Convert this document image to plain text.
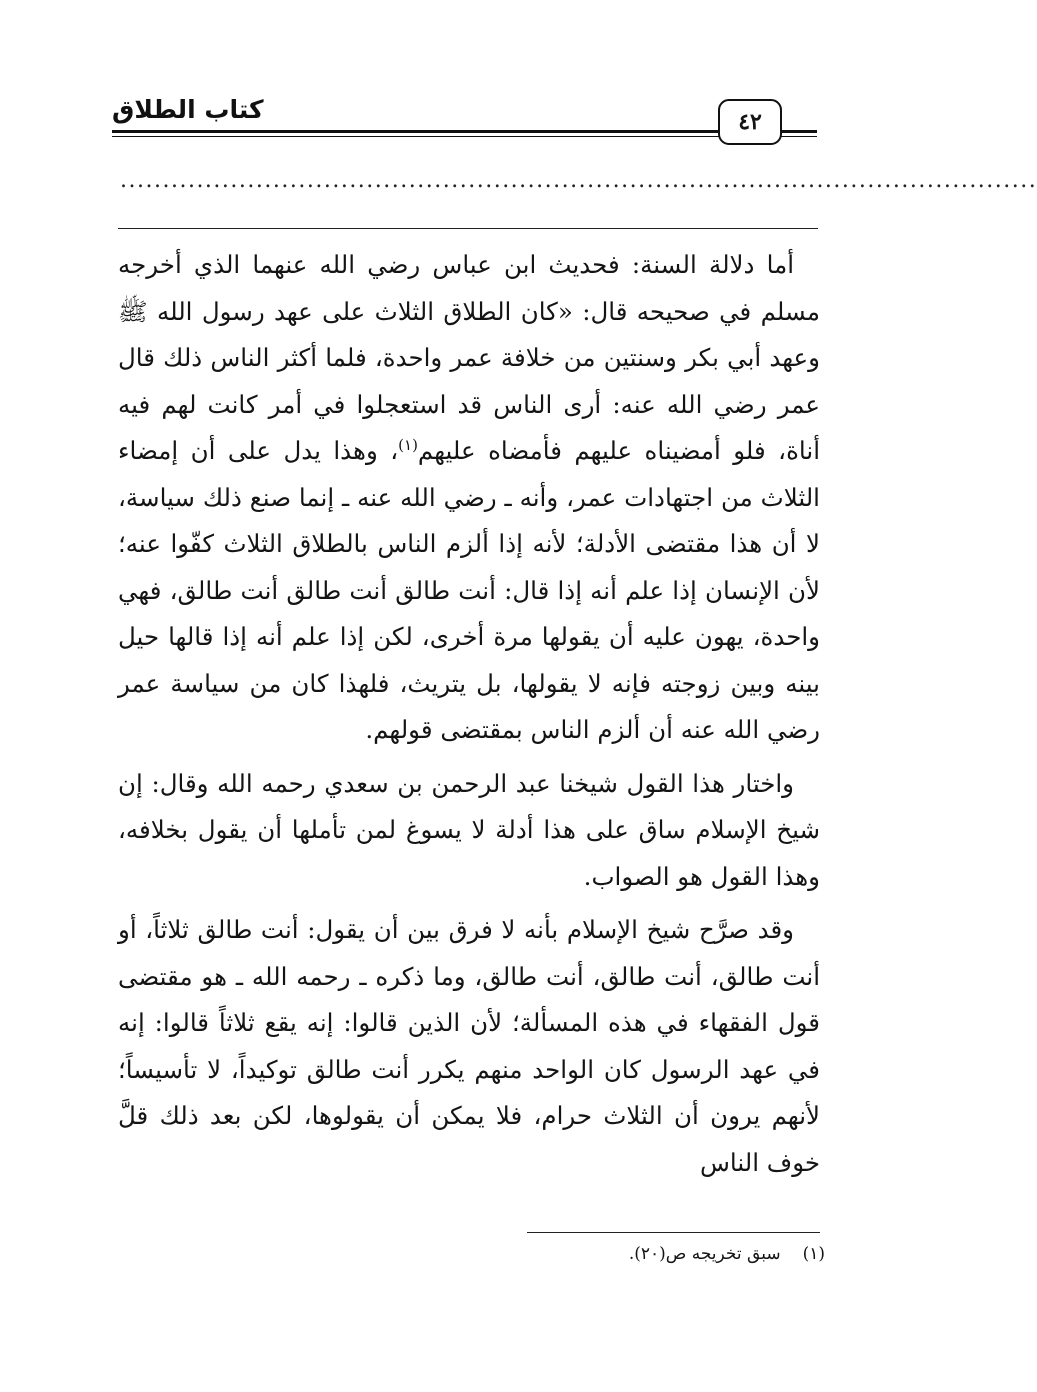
كتاب الطلاق	٤٢
............................................................................................................

أما دلالة السنة: فحديث ابن عباس رضي الله عنهما الذي أخرجه مسلم في صحيحه قال: «كان الطلاق الثلاث على عهد رسول الله ﷺ وعهد أبي بكر وسنتين من خلافة عمر واحدة، فلما أكثر الناس ذلك قال عمر رضي الله عنه: أرى الناس قد استعجلوا في أمر كانت لهم فيه أناة، فلو أمضيناه عليهم فأمضاه عليهم$^{(١)}$، وهذا يدل على أن إمضاء الثلاث من اجتهادات عمر، وأنه ـ رضي الله عنه ـ إنما صنع ذلك سياسة، لا أن هذا مقتضى الأدلة؛ لأنه إذا ألزم الناس بالطلاق الثلاث كفّوا عنه؛ لأن الإنسان إذا علم أنه إذا قال: أنت طالق أنت طالق أنت طالق، فهي واحدة، يهون عليه أن يقولها مرة أخرى، لكن إذا علم أنه إذا قالها حيل بينه وبين زوجته فإنه لا يقولها، بل يتريث، فلهذا كان من سياسة عمر رضي الله عنه أن ألزم الناس بمقتضى قولهم.

واختار هذا القول شيخنا عبد الرحمن بن سعدي رحمه الله وقال: إن شيخ الإسلام ساق على هذا أدلة لا يسوغ لمن تأملها أن يقول بخلافه، وهذا القول هو الصواب.

وقد صرَّح شيخ الإسلام بأنه لا فرق بين أن يقول: أنت طالق ثلاثاً، أو أنت طالق، أنت طالق، أنت طالق، وما ذكره ـ رحمه الله ـ هو مقتضى قول الفقهاء في هذه المسألة؛ لأن الذين قالوا: إنه يقع ثلاثاً قالوا: إنه في عهد الرسول كان الواحد منهم يكرر أنت طالق توكيداً، لا تأسيساً؛ لأنهم يرون أن الثلاث حرام، فلا يمكن أن يقولوها، لكن بعد ذلك قلَّ خوف الناس

(١)سبق تخريجه ص(٢٠).
